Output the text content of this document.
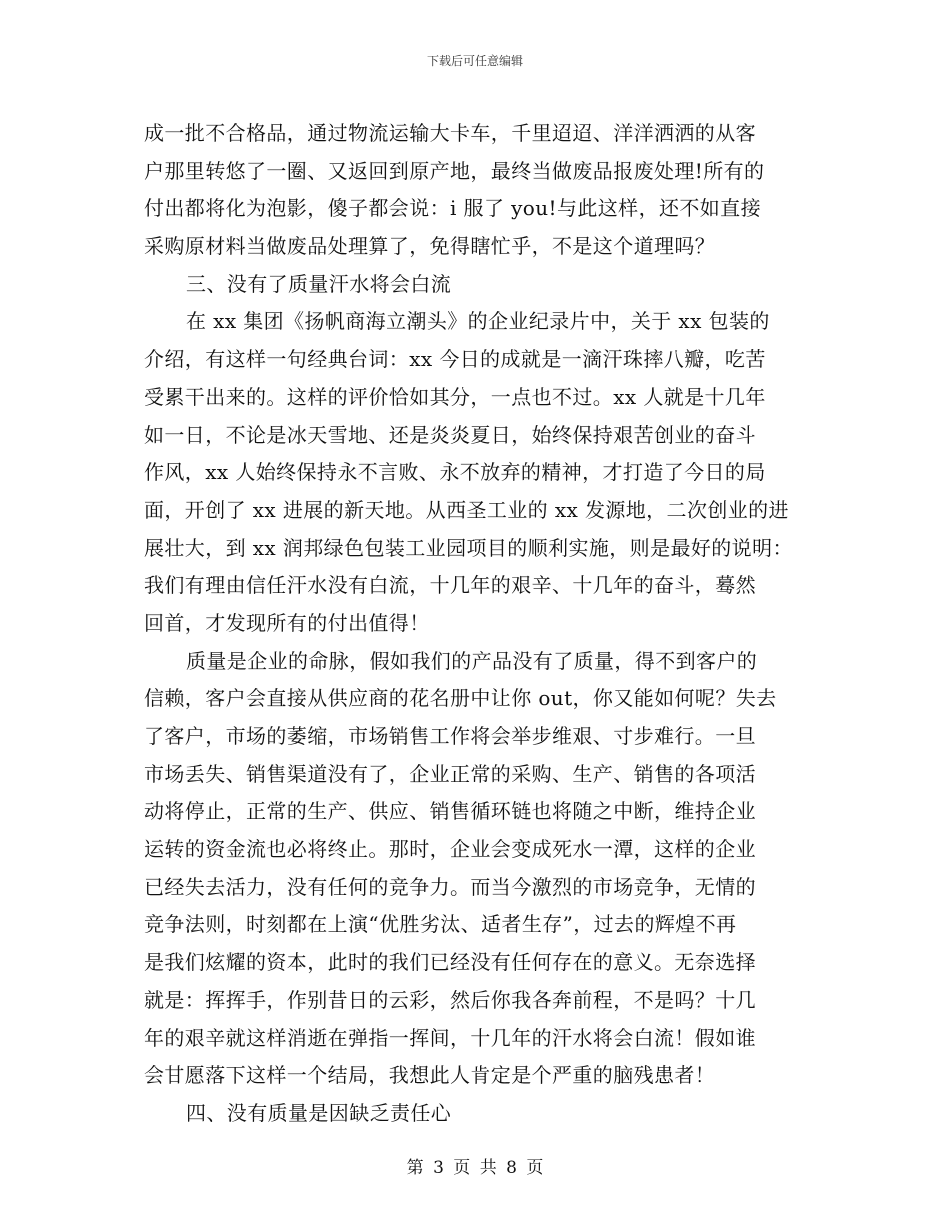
下载后可任意编辑
成一批不合格品，通过物流运输大卡车，千里迢迢、洋洋洒洒的从客
户那里转悠了一圈、又返回到原产地，最终当做废品报废处理!所有的
付出都将化为泡影，傻子都会说：i 服了 you!与此这样，还不如直接
采购原材料当做废品处理算了，免得瞎忙乎，不是这个道理吗？
三、没有了质量汗水将会白流
在 xx 集团《扬帆商海立潮头》的企业纪录片中，关于 xx 包装的
介绍，有这样一句经典台词：xx 今日的成就是一滴汗珠摔八瓣，吃苦
受累干出来的。这样的评价恰如其分，一点也不过。xx 人就是十几年
如一日，不论是冰天雪地、还是炎炎夏日，始终保持艰苦创业的奋斗
作风，xx 人始终保持永不言败、永不放弃的精神，才打造了今日的局
面，开创了 xx 进展的新天地。从西圣工业的 xx 发源地，二次创业的进
展壮大，到 xx 润邦绿色包装工业园项目的顺利实施，则是最好的说明：
我们有理由信任汗水没有白流，十几年的艰辛、十几年的奋斗，蓦然
回首，才发现所有的付出值得！
质量是企业的命脉，假如我们的产品没有了质量，得不到客户的
信赖，客户会直接从供应商的花名册中让你 out，你又能如何呢？失去
了客户，市场的萎缩，市场销售工作将会举步维艰、寸步难行。一旦
市场丢失、销售渠道没有了，企业正常的采购、生产、销售的各项活
动将停止，正常的生产、供应、销售循环链也将随之中断，维持企业
运转的资金流也必将终止。那时，企业会变成死水一潭，这样的企业
已经失去活力，没有任何的竞争力。而当今激烈的市场竞争，无情的
竞争法则，时刻都在上演“优胜劣汰、适者生存”，过去的辉煌不再
是我们炫耀的资本，此时的我们已经没有任何存在的意义。无奈选择
就是：挥挥手，作别昔日的云彩，然后你我各奔前程，不是吗？十几
年的艰辛就这样消逝在弹指一挥间，十几年的汗水将会白流！假如谁
会甘愿落下这样一个结局，我想此人肯定是个严重的脑残患者！
四、没有质量是因缺乏责任心
第 3 页 共 8 页
